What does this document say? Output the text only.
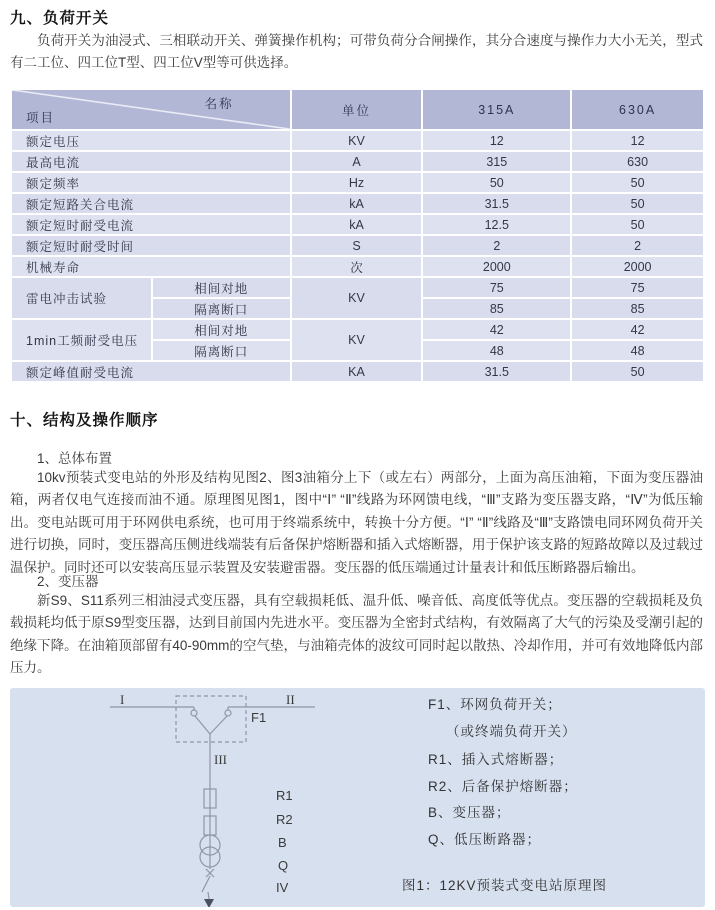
九、负荷开关
负荷开关为油浸式、三相联动开关、弹簧操作机构；可带负荷分合闸操作，其分合速度与操作力大小无关，型式有二工位、四工位T型、四工位V型等可供选择。
名称
项目		单位	315A	630A
额定电压		KV	12	12
最高电流		A	315	630
额定频率		Hz	50	50
额定短路关合电流		kA	31.5	50
额定短时耐受电流		kA	12.5	50
额定短时耐受时间		S	2	2
机械寿命		次	2000	2000
雷电冲击试验	相间对地	KV	75	75
	隔离断口		85	85
1min工频耐受电压	相间对地	KV	42	42
	隔离断口		48	48
额定峰值耐受电流		KA	31.5	50
十、结构及操作顺序
1、总体布置
10kv预装式变电站的外形及结构见图2、图3油箱分上下（或左右）两部分，上面为高压油箱，下面为变压器油箱，两者仅电气连接而油不通。原理图见图1，图中“Ⅰ” “Ⅱ”线路为环网馈电线，“Ⅲ”支路为变压器支路，“Ⅳ”为低压输出。变电站既可用于环网供电系统，也可用于终端系统中，转换十分方便。“Ⅰ” “Ⅱ”线路及“Ⅲ”支路馈电同环网负荷开关进行切换，同时，变压器高压侧进线端装有后备保护熔断器和插入式熔断器，用于保护该支路的短路故障以及过载过温保护。同时还可以安装高压显示装置及安装避雷器。变压器的低压端通过计量表计和低压断路器后输出。
2、变压器
新S9、S11系列三相油浸式变压器，具有空载损耗低、温升低、噪音低、高度低等优点。变压器的空载损耗及负载损耗均低于原S9型变压器，达到目前国内先进水平。变压器为全密封式结构，有效隔离了大气的污染及受潮引起的绝缘下降。在油箱顶部留有40-90mm的空气垫，与油箱壳体的波纹可同时起以散热、冷却作用，并可有效地降低内部压力。
I	II
F1
III
R1
R2
B
Q
IV
F1、环网负荷开关；
（或终端负荷开关）
R1、插入式熔断器；
R2、后备保护熔断器；
B、变压器；
Q、低压断路器；
图1：12KV预装式变电站原理图
